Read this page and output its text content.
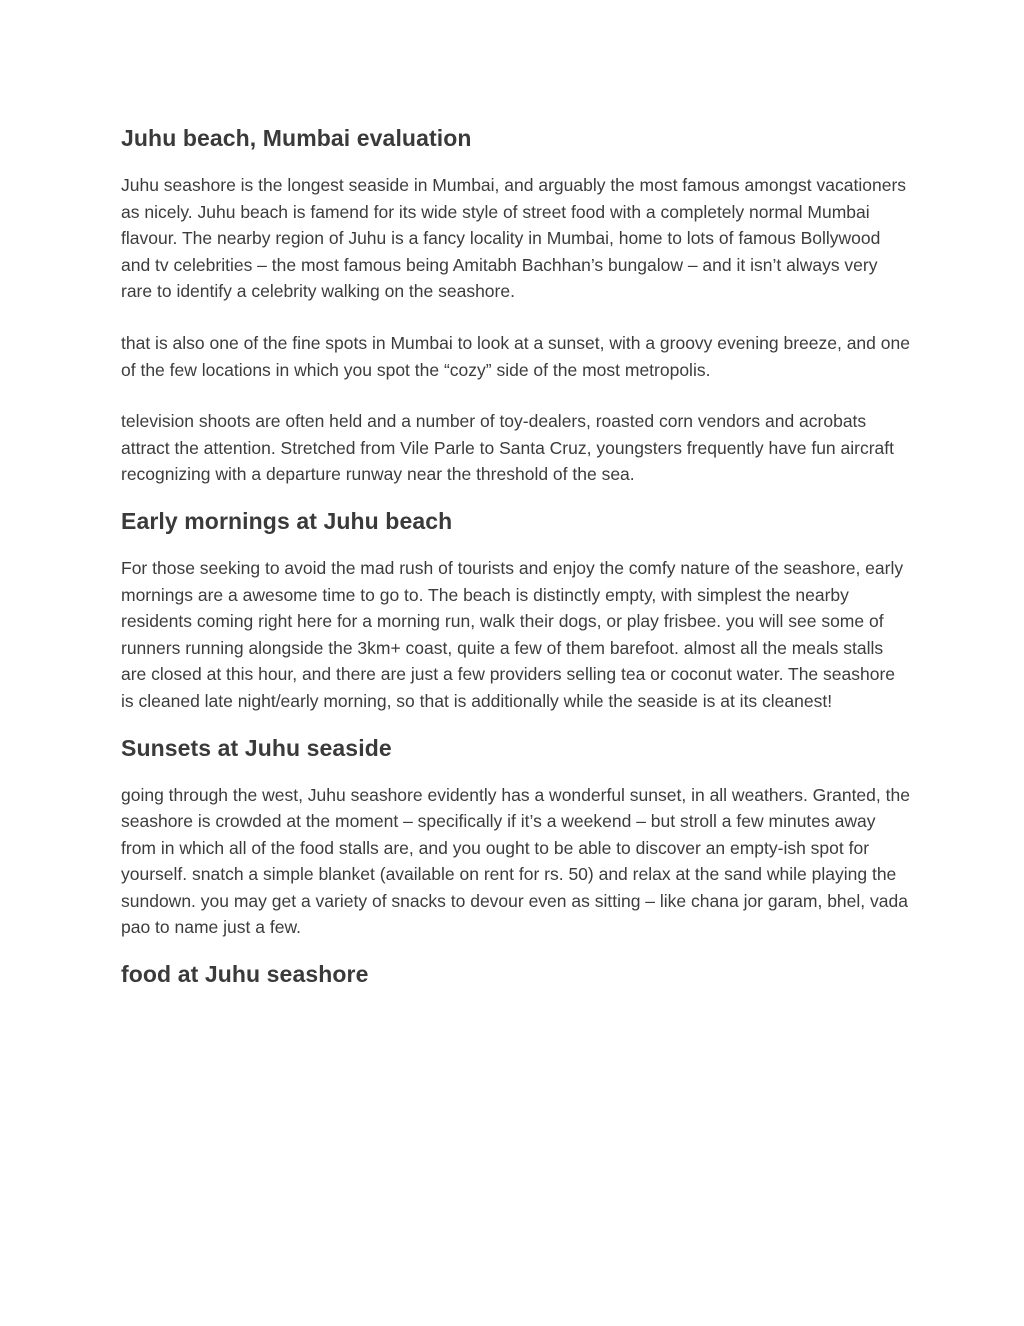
Juhu beach, Mumbai evaluation

Juhu seashore is the longest seaside in Mumbai, and arguably the most famous amongst vacationers as nicely. Juhu beach is famend for its wide style of street food with a completely normal Mumbai flavour. The nearby region of Juhu is a fancy locality in Mumbai, home to lots of famous Bollywood and tv celebrities – the most famous being Amitabh Bachhan’s bungalow – and it isn’t always very rare to identify a celebrity walking on the seashore.

that is also one of the fine spots in Mumbai to look at a sunset, with a groovy evening breeze, and one of the few locations in which you spot the “cozy” side of the most metropolis.

television shoots are often held and a number of toy-dealers, roasted corn vendors and acrobats attract the attention. Stretched from Vile Parle to Santa Cruz, youngsters frequently have fun aircraft recognizing with a departure runway near the threshold of the sea.

Early mornings at Juhu beach

For those seeking to avoid the mad rush of tourists and enjoy the comfy nature of the seashore, early mornings are a awesome time to go to. The beach is distinctly empty, with simplest the nearby residents coming right here for a morning run, walk their dogs, or play frisbee. you will see some of runners running alongside the 3km+ coast, quite a few of them barefoot. almost all the meals stalls are closed at this hour, and there are just a few providers selling tea or coconut water. The seashore is cleaned late night/early morning, so that is additionally while the seaside is at its cleanest!

Sunsets at Juhu seaside

going through the west, Juhu seashore evidently has a wonderful sunset, in all weathers. Granted, the seashore is crowded at the moment – specifically if it’s a weekend – but stroll a few minutes away from in which all of the food stalls are, and you ought to be able to discover an empty-ish spot for yourself. snatch a simple blanket (available on rent for rs. 50) and relax at the sand while playing the sundown. you may get a variety of snacks to devour even as sitting – like chana jor garam, bhel, vada pao to name just a few.

food at Juhu seashore
